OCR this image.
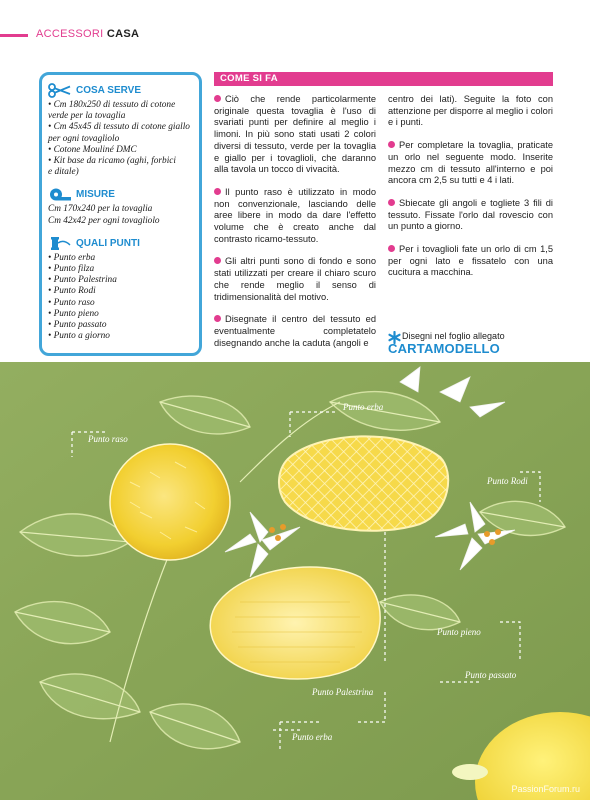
ACCESSORI CASA
COSA SERVE
• Cm 180x250 di tessuto di cotone
verde per la tovaglia
• Cm 45x45 di tessuto di cotone giallo
per ogni tovagliolo
• Cotone Mouliné DMC
• Kit base da ricamo (aghi, forbici
e ditale)
MISURE
Cm 170x240 per la tovaglia
Cm 42x42 per ogni tovagliolo
QUALI PUNTI
• Punto erba
• Punto filza
• Punto Palestrina
• Punto Rodi
• Punto raso
• Punto pieno
• Punto passato
• Punto a giorno
COME SI FA

Ciò che rende particolarmente originale questa tovaglia è l'uso di svariati punti per definire al meglio i limoni. In più sono stati usati 2 colori diversi di tessuto, verde per la tovaglia e giallo per i tovaglioli, che daranno alla tavola un tocco di vivacità.

Il punto raso è utilizzato in modo non convenzionale, lasciando delle aree libere in modo da dare l'effetto volume che è creato anche dal contrasto ricamo-tessuto.

Gli altri punti sono di fondo e sono stati utilizzati per creare il chiaro scuro che rende meglio il senso di tridimensionalità del motivo.

Disegnate il centro del tessuto ed eventualmente completatelo disegnando anche la caduta (angoli e

centro dei lati). Seguite la foto con attenzione per disporre al meglio i colori e i punti.

Per completare la tovaglia, praticate un orlo nel seguente modo. Inserite mezzo cm di tessuto all'interno e poi ancora cm 2,5 su tutti e 4 i lati.

Sbiecate gli angoli e togliete 3 fili di tessuto. Fissate l'orlo dal rovescio con un punto a giorno.

Per i tovaglioli fate un orlo di cm 1,5 per ogni lato e fissatelo con una cucitura a macchina.

Disegni nel foglio allegato
CARTAMODELLO
Punto raso
Punto erba
Punto Rodi
Punto pieno
Punto passato
Punto Palestrina
Punto erba
PassionForum.ru
